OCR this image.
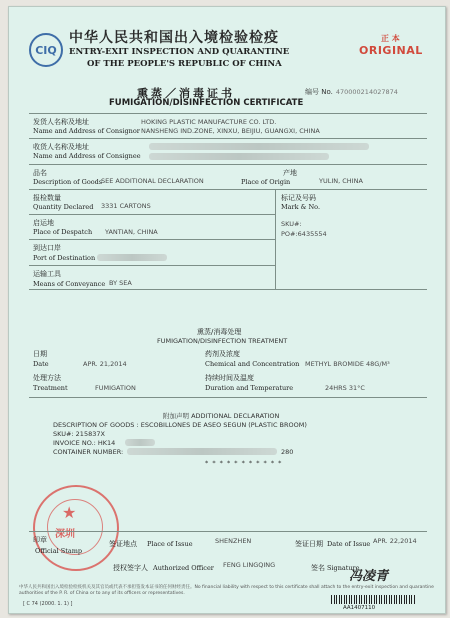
CIQ
中华人民共和国出入境检验检疫
ENTRY-EXIT INSPECTION AND QUARANTINE
OF THE PEOPLE'S REPUBLIC OF CHINA
正 本
ORIGINAL
熏蒸／消毒证书
FUMIGATION/DISINFECTION CERTIFICATE
编号 No. 470000214027874
发货人名称及地址
Name and Address of Consignor
HOKING PLASTIC MANUFACTURE CO. LTD.
NANSHENG IND.ZONE, XINXU, BEIJIU, GUANGXI, CHINA
收货人名称及地址
Name and Address of Consignee
品名
Description of Goods
SEE ADDITIONAL DECLARATION
产地
Place of Origin	YULIN, CHINA
报检数量
Quantity Declared 3331 CARTONS
标记及号码
Mark & No.
SKU#:
PO#:6435554
启运地
Place of Despatch YANTIAN, CHINA
到达口岸
Port of Destination
运输工具
Means of Conveyance BY SEA
熏蒸/消毒处理
FUMIGATION/DISINFECTION TREATMENT
日期
Date	APR. 21,2014
药剂及浓度
Chemical and Concentration METHYL BROMIDE 48G/M³
处理方法
Treatment	FUMIGATION
持续时间及温度
Duration and Temperature	24HRS 31°C
附加声明 ADDITIONAL DECLARATION
DESCRIPTION OF GOODS : ESCOBILLONES DE ASEO SEGUN (PLASTIC BROOM)
SKU#: 215837X
INVOICE NO.: HK14
CONTAINER NUMBER:	280
* * * * * * * * * * *
★
深圳
印章
Official Stamp
签证地点 Place of Issue	SHENZHEN	签证日期 Date of Issue APR. 22,2014
授权签字人 Authorized Officer FENG LINGQING	签名 Signature
冯凌青
中华人民共和国出入境检验检疫机关及其官员或代表不承担签发本证书的任何财经责任。No financial liability with respect to this certificate shall attach to the entry-exit inspection and quarantine authorities of the P. R. of China or to any of its officers or representatives.
[ C 74 (2000. 1. 1) ]
AA1407110
